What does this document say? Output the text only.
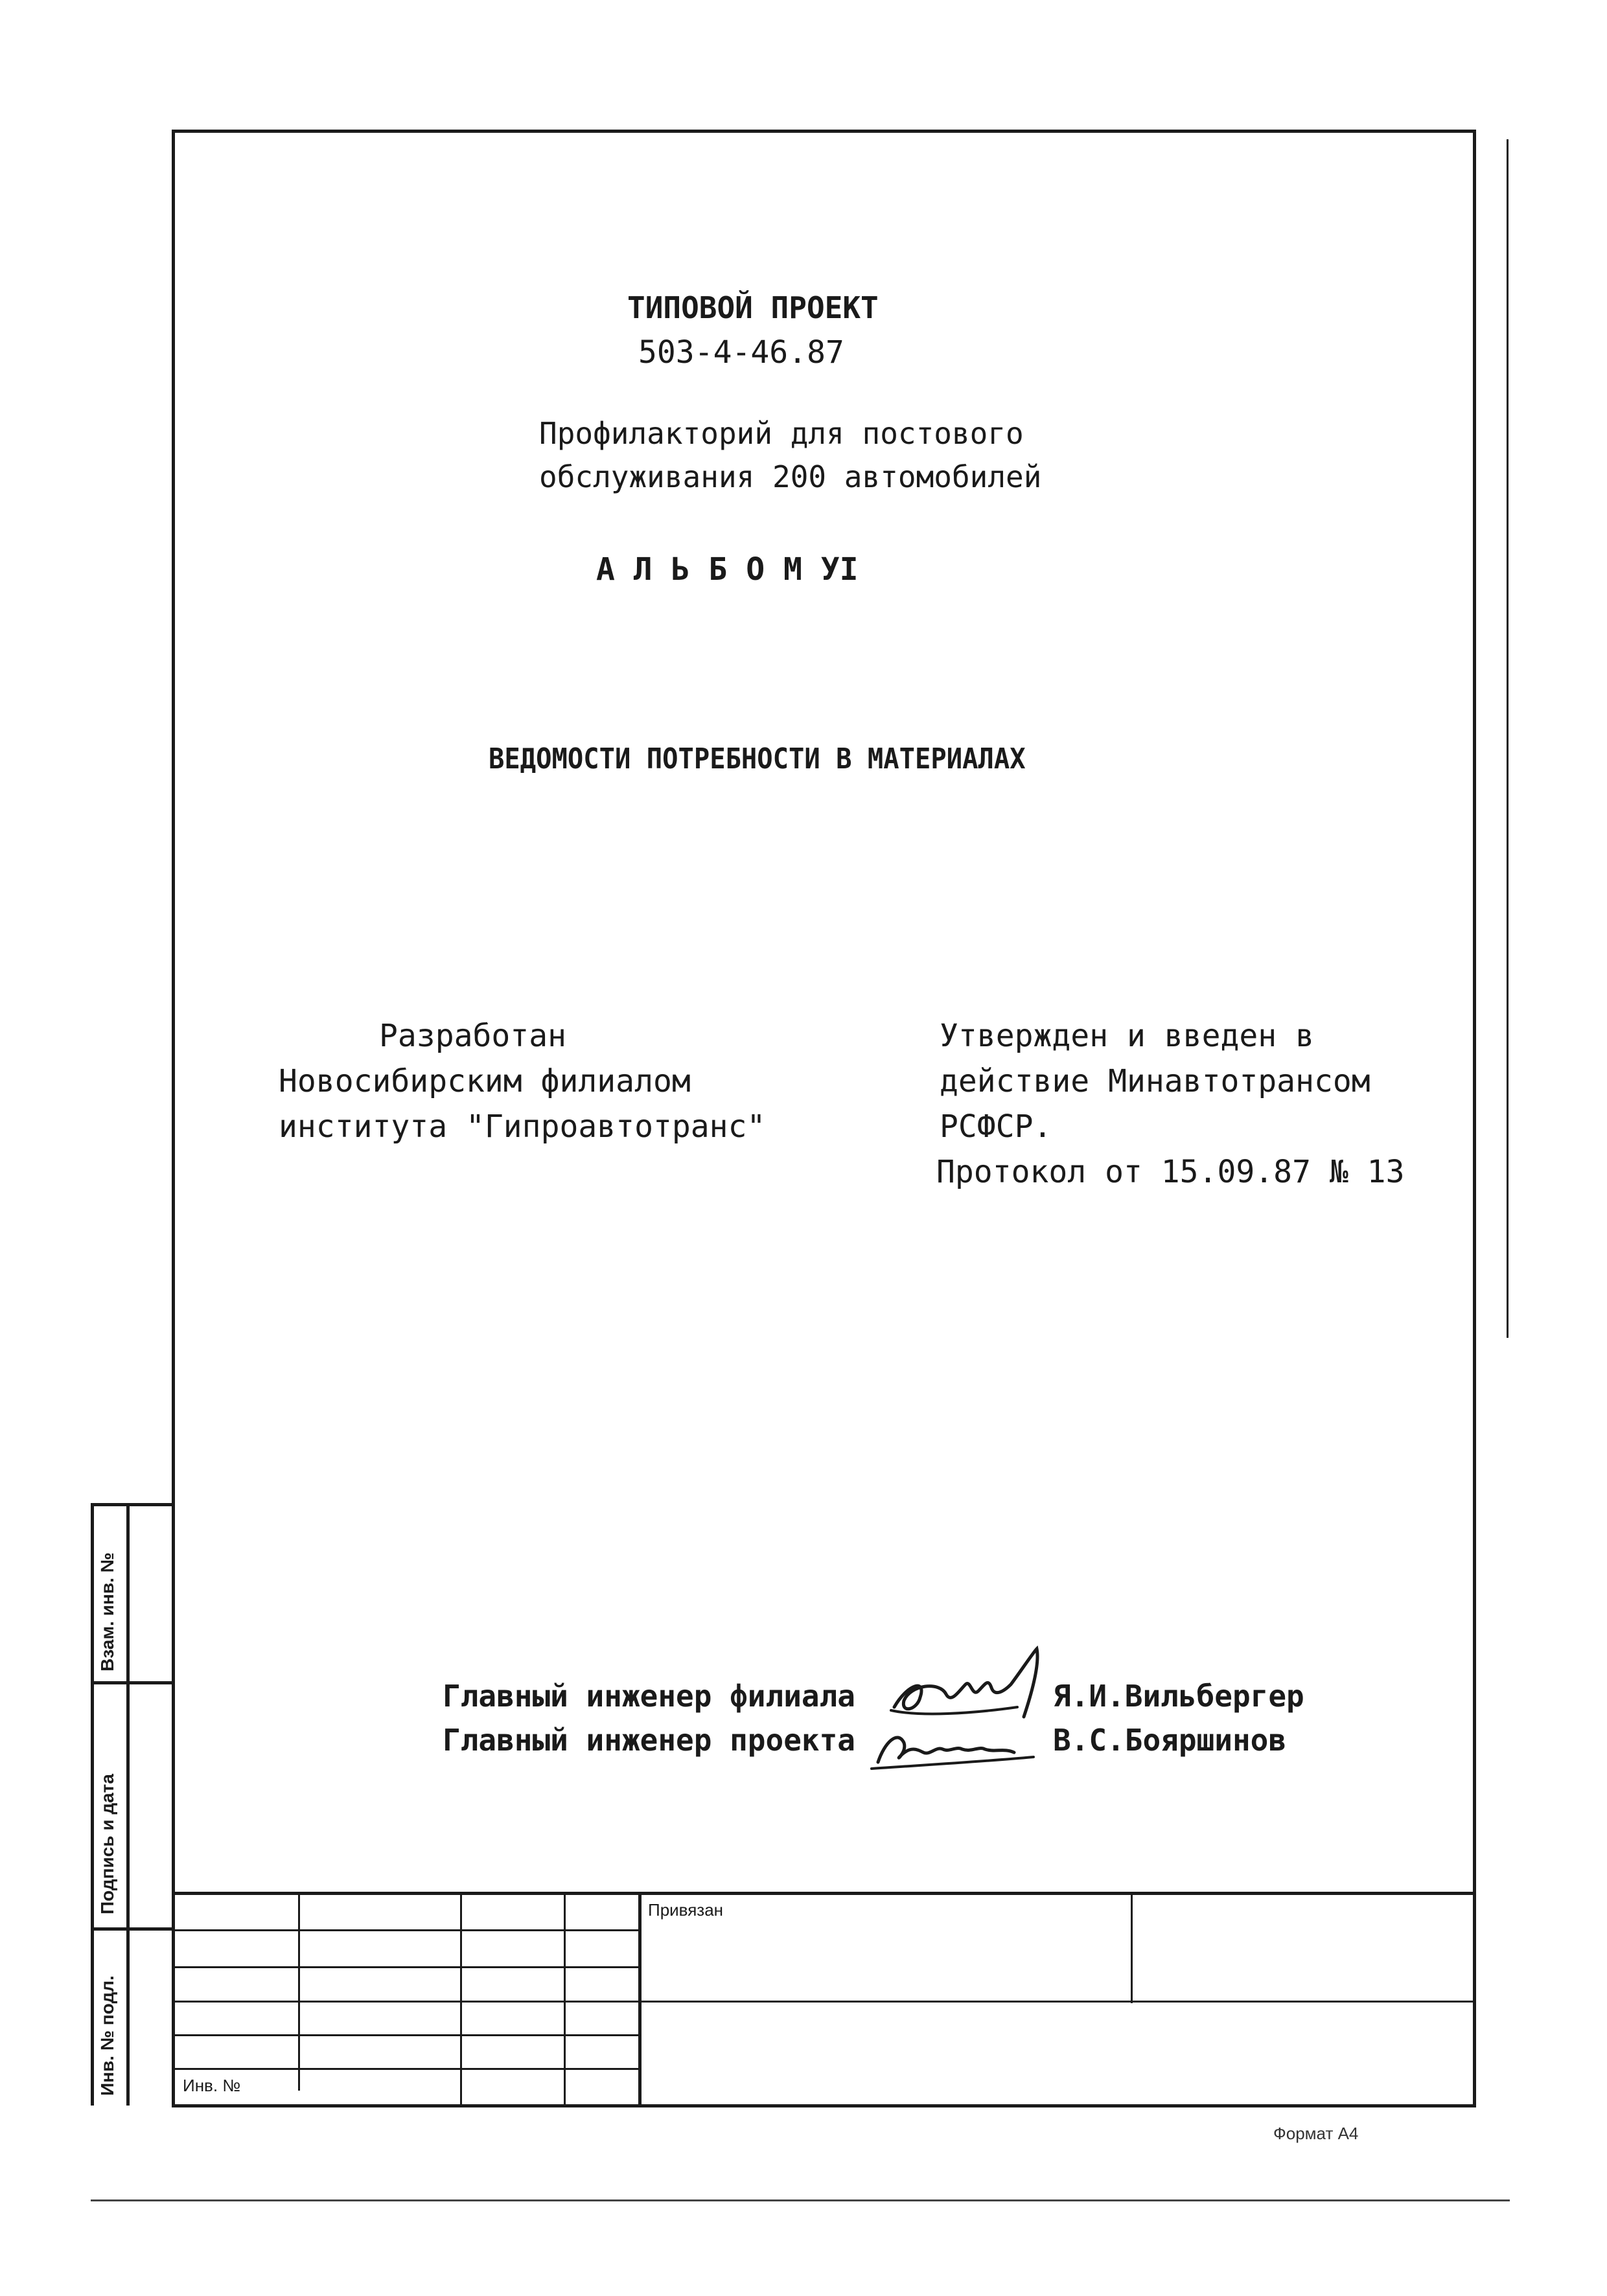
Взам. инв. №
Подпись и дата
Инв. № подл.
Привязан
Инв. №
ТИПОВОЙ ПРОЕКТ
503-4-46.87
Профилакторий для постового
обслуживания 200 автомобилей
А Л Ь Б О М УI
ВЕДОМОСТИ ПОТРЕБНОСТИ В МАТЕРИАЛАХ
Разработан
Новосибирским филиалом
института "Гипроавтотранс"
Утвержден и введен в
действие Минавтотрансом
РСФСР.
Протокол от 15.09.87 № 13
Главный инженер филиала	Я.И.Вильбергер
Главный инженер проекта	В.С.Бояршинов
Формат А4
